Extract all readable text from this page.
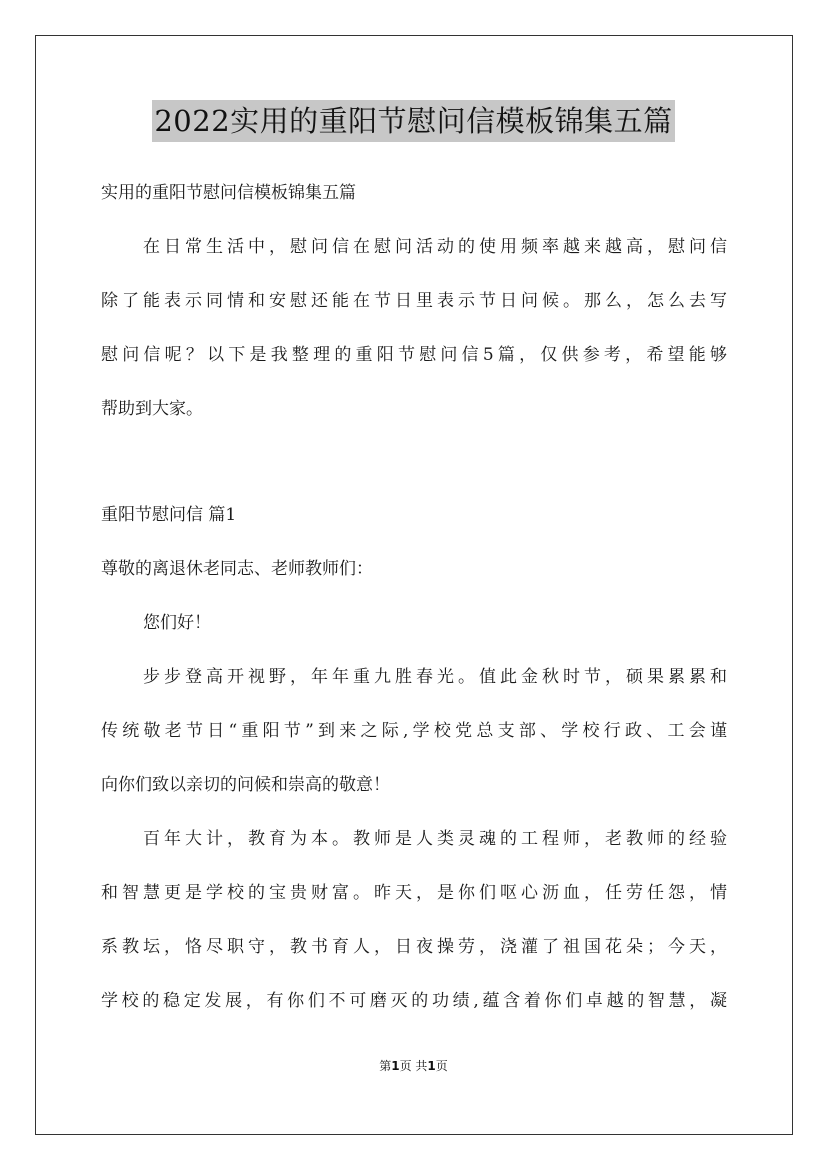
2022实用的重阳节慰问信模板锦集五篇
实用的重阳节慰问信模板锦集五篇
在日常生活中，慰问信在慰问活动的使用频率越来越高，慰问信
除了能表示同情和安慰还能在节日里表示节日问候。那么，怎么去写
慰问信呢？以下是我整理的重阳节慰问信5篇，仅供参考，希望能够
帮助到大家。
重阳节慰问信 篇1
尊敬的离退休老同志、老师教师们：
您们好！
步步登高开视野，年年重九胜春光。值此金秋时节，硕果累累和
传统敬老节日“重阳节”到来之际,学校党总支部、学校行政、工会谨
向你们致以亲切的问候和崇高的敬意！
百年大计，教育为本。教师是人类灵魂的工程师，老教师的经验
和智慧更是学校的宝贵财富。昨天，是你们呕心沥血，任劳任怨，情
系教坛，恪尽职守，教书育人，日夜操劳，浇灌了祖国花朵；今天，
学校的稳定发展，有你们不可磨灭的功绩,蕴含着你们卓越的智慧，凝
第1页 共1页
